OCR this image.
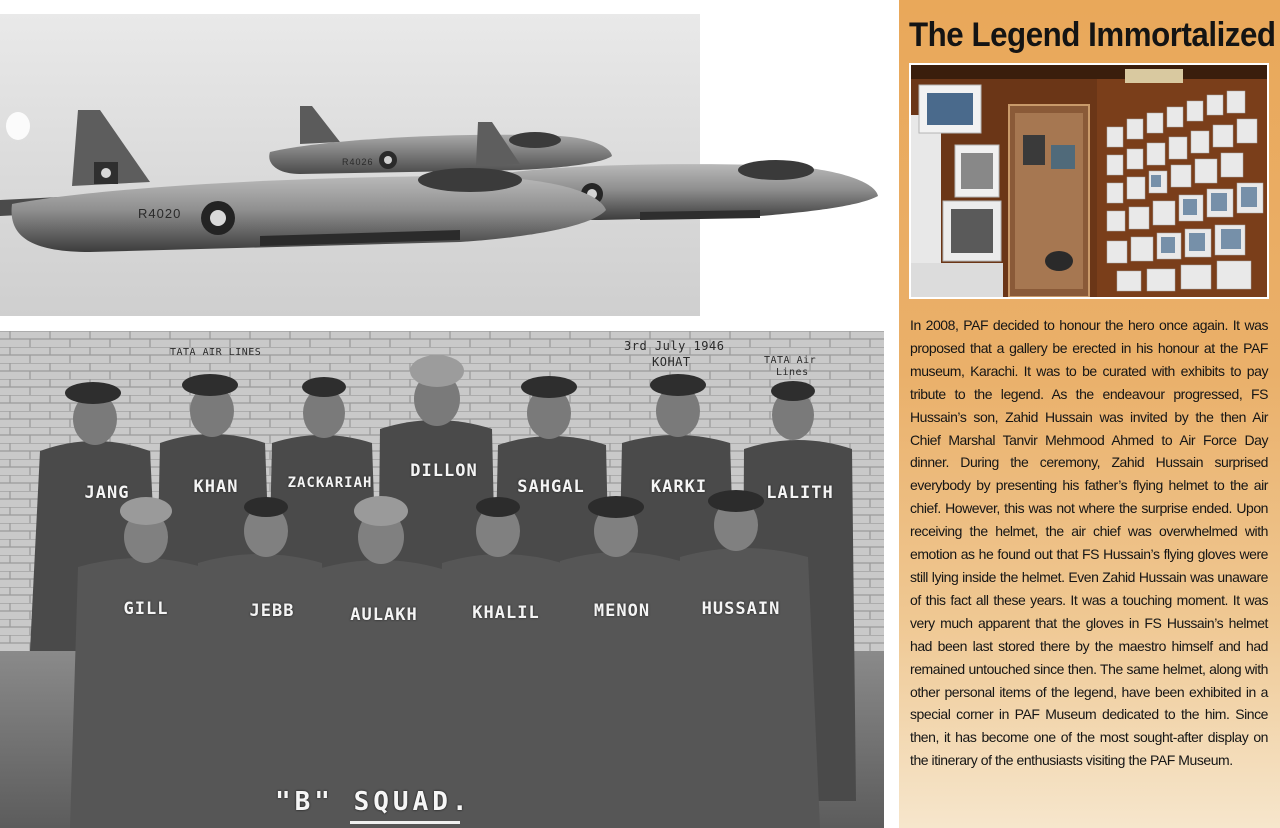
R4020
R4026
TATA AIR LINES	3rd July 1946
KOHAT	TATA Air
Lines
JANG	KHAN	ZACKARIAH
DILLON
SAHGAL	KARKI	LALITH
GILL	JEBB	AULAKH	KHALIL	MENON	HUSSAIN
"B" SQUAD.
The Legend Immortalized

In 2008, PAF decided to honour the hero once again. It was proposed that a gallery be erected in his honour at the PAF museum, Karachi. It was to be curated with exhibits to pay tribute to the legend. As the endeavour progressed, FS Hussain’s son, Zahid Hussain was invited by the then Air Chief Marshal Tanvir Mehmood Ahmed to Air Force Day dinner. During the ceremony, Zahid Hussain surprised everybody by presenting his father’s flying helmet to the air chief. However, this was not where the surprise ended. Upon receiving the helmet, the air chief was overwhelmed with emotion as he found out that FS Hussain’s flying gloves were still lying inside the helmet. Even Zahid Hussain was unaware of this fact all these years. It was a touching moment. It was very much apparent that the gloves in FS Hussain’s helmet had been last stored there by the maestro himself and had remained untouched since then. The same helmet, along with other personal items of the legend, have been exhibited in a special corner in PAF Museum dedicated to the him. Since then, it has become one of the most sought-after display on the itinerary of the enthusiasts visiting the PAF Museum.
